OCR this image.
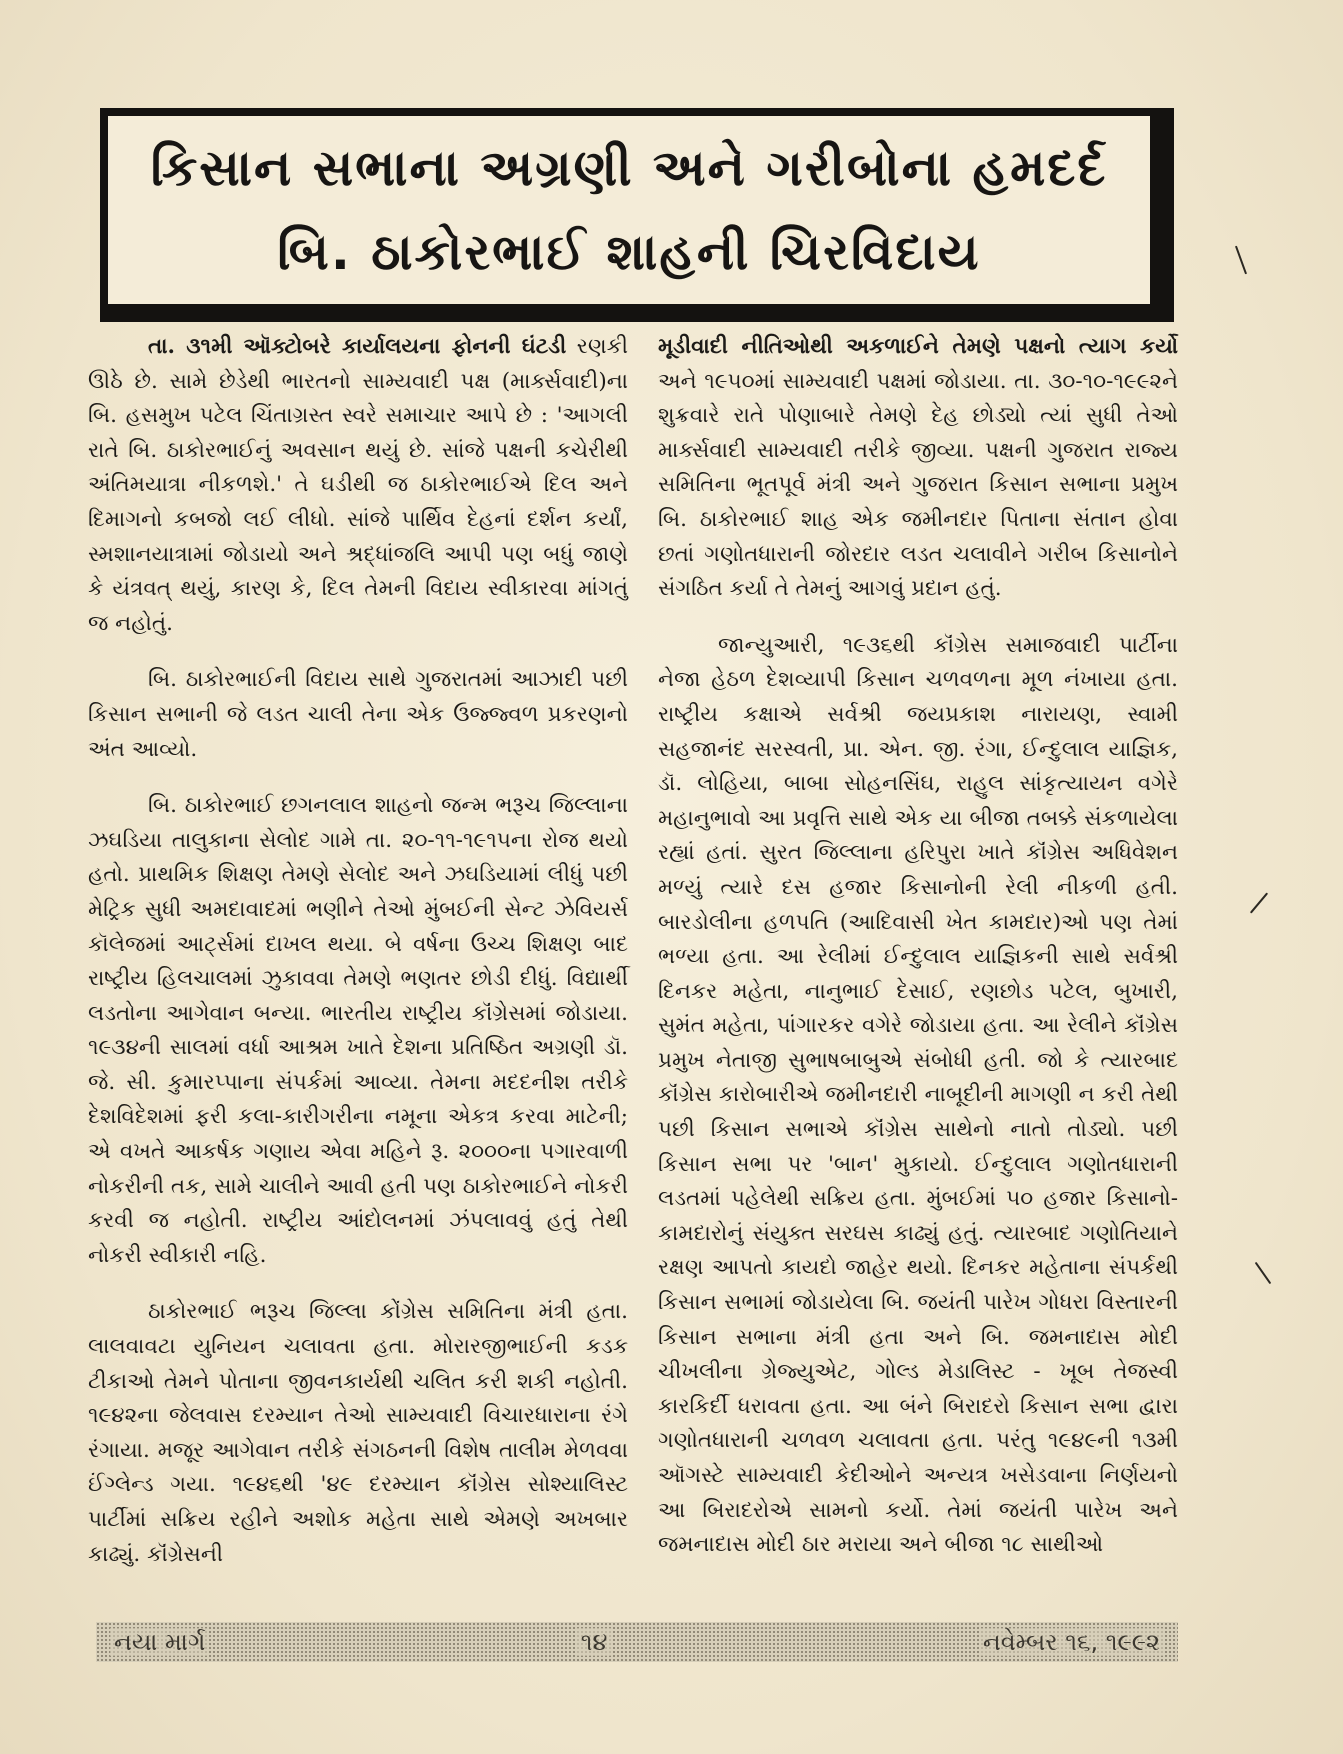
કિસાન સભાના અગ્રણી અને ગરીબોના હમદર્દ
બિ. ઠાકોરભાઈ શાહની ચિરવિદાય

તા. ૩૧મી ઑક્ટોબરે કાર્યાલયના ફોનની ઘંટડી રણકી ઊઠે છે. સામે છેડેથી ભારતનો સામ્યવાદી પક્ષ (માર્ક્સવાદી)ના બિ. હસમુખ પટેલ ચિંતાગ્રસ્ત સ્વરે સમાચાર આપે છે : 'આગલી રાતે બિ. ઠાકોરભાઈનું અવસાન થયું છે. સાંજે પક્ષની કચેરીથી અંતિમયાત્રા નીકળશે.' તે ઘડીથી જ ઠાકોરભાઈએ દિલ અને દિમાગનો કબજો લઈ લીધો. સાંજે પાર્થિવ દેહનાં દર્શન કર્યાં, સ્મશાનયાત્રામાં જોડાયો અને શ્રદ્ધાંજલિ આપી પણ બધું જાણે કે યંત્રવત્ થયું, કારણ કે, દિલ તેમની વિદાય સ્વીકારવા માંગતું જ નહોતું.

બિ. ઠાકોરભાઈની વિદાય સાથે ગુજરાતમાં આઝાદી પછી કિસાન સભાની જે લડત ચાલી તેના એક ઉજ્જ્વળ પ્રકરણનો અંત આવ્યો.

બિ. ઠાકોરભાઈ છગનલાલ શાહનો જન્મ ભરૂચ જિલ્લાના ઝઘડિયા તાલુકાના સેલોદ ગામે તા. ૨૦-૧૧-૧૯૧૫ના રોજ થયો હતો. પ્રાથમિક શિક્ષણ તેમણે સેલોદ અને ઝઘડિયામાં લીધું પછી મેટ્રિક સુધી અમદાવાદમાં ભણીને તેઓ મુંબઈની સેન્ટ ઝેવિયર્સ કૉલેજમાં આર્ટ્સમાં દાખલ થયા. બે વર્ષના ઉચ્ચ શિક્ષણ બાદ રાષ્ટ્રીય હિલચાલમાં ઝુકાવવા તેમણે ભણતર છોડી દીધું. વિદ્યાર્થી લડતોના આગેવાન બન્યા. ભારતીય રાષ્ટ્રીય કૉંગ્રેસમાં જોડાયા. ૧૯૩૪ની સાલમાં વર્ધા આશ્રમ ખાતે દેશના પ્રતિષ્ઠિત અગ્રણી ડૉ. જે. સી. કુમારપ્પાના સંપર્કમાં આવ્યા. તેમના મદદનીશ તરીકે દેશવિદેશમાં ફરી કલા-કારીગરીના નમૂના એકત્ર કરવા માટેની; એ વખતે આકર્ષક ગણાય એવા મહિને રૂ. ૨૦૦૦ના પગારવાળી નોકરીની તક, સામે ચાલીને આવી હતી પણ ઠાકોરભાઈને નોકરી કરવી જ નહોતી. રાષ્ટ્રીય આંદોલનમાં ઝંપલાવવું હતું તેથી નોકરી સ્વીકારી નહિ.

ઠાકોરભાઈ ભરૂચ જિલ્લા કોંગ્રેસ સમિતિના મંત્રી હતા. લાલવાવટા યુનિયન ચલાવતા હતા. મોરારજીભાઈની કડક ટીકાઓ તેમને પોતાના જીવનકાર્યથી ચલિત કરી શકી નહોતી. ૧૯૪૨ના જેલવાસ દરમ્યાન તેઓ સામ્યવાદી વિચારધારાના રંગે રંગાયા. મજૂર આગેવાન તરીકે સંગઠનની વિશેષ તાલીમ મેળવવા ઈંગ્લેન્ડ ગયા. ૧૯૪૬થી '૪૯ દરમ્યાન કૉંગ્રેસ સોશ્યાલિસ્ટ પાર્ટીમાં સક્રિય રહીને અશોક મહેતા સાથે એમણે અખબાર કાઢ્યું. કૉંગ્રેસની

મૂડીવાદી નીતિઓથી અકળાઈને તેમણે પક્ષનો ત્યાગ કર્યો અને ૧૯૫૦માં સામ્યવાદી પક્ષમાં જોડાયા. તા. ૩૦-૧૦-૧૯૯૨ને શુક્રવારે રાતે પોણાબારે તેમણે દેહ છોડ્યો ત્યાં સુધી તેઓ માર્ક્સવાદી સામ્યવાદી તરીકે જીવ્યા. પક્ષની ગુજરાત રાજ્ય સમિતિના ભૂતપૂર્વ મંત્રી અને ગુજરાત કિસાન સભાના પ્રમુખ બિ. ઠાકોરભાઈ શાહ એક જમીનદાર પિતાના સંતાન હોવા છતાં ગણોતધારાની જોરદાર લડત ચલાવીને ગરીબ કિસાનોને સંગઠિત કર્યા તે તેમનું આગવું પ્રદાન હતું.

જાન્યુઆરી, ૧૯૩૬થી કૉંગ્રેસ સમાજવાદી પાર્ટીના નેજા હેઠળ દેશવ્યાપી કિસાન ચળવળના મૂળ નંખાયા હતા. રાષ્ટ્રીય કક્ષાએ સર્વશ્રી જયપ્રકાશ નારાયણ, સ્વામી સહજાનંદ સરસ્વતી, પ્રા. એન. જી. રંગા, ઈન્દુલાલ યાજ્ઞિક, ડૉ. લોહિયા, બાબા સોહનસિંઘ, રાહુલ સાંકૃત્યાયન વગેરે મહાનુભાવો આ પ્રવૃત્તિ સાથે એક યા બીજા તબક્કે સંકળાયેલા રહ્યાં હતાં. સુરત જિલ્લાના હરિપુરા ખાતે કૉંગ્રેસ અધિવેશન મળ્યું ત્યારે દસ હજાર કિસાનોની રેલી નીકળી હતી. બારડોલીના હળપતિ (આદિવાસી ખેત કામદાર)ઓ પણ તેમાં ભળ્યા હતા. આ રેલીમાં ઈન્દુલાલ યાજ્ઞિકની સાથે સર્વશ્રી દિનકર મહેતા, નાનુભાઈ દેસાઈ, રણછોડ પટેલ, બુખારી, સુમંત મહેતા, પાંગારકર વગેરે જોડાયા હતા. આ રેલીને કૉંગ્રેસ પ્રમુખ નેતાજી સુભાષબાબુએ સંબોધી હતી. જો કે ત્યારબાદ કૉંગ્રેસ કારોબારીએ જમીનદારી નાબૂદીની માગણી ન કરી તેથી પછી કિસાન સભાએ કૉંગ્રેસ સાથેનો નાતો તોડ્યો. પછી કિસાન સભા પર 'બાન' મુકાયો. ઈન્દુલાલ ગણોતધારાની લડતમાં પહેલેથી સક્રિય હતા. મુંબઈમાં ૫૦ હજાર કિસાનો-કામદારોનું સંયુક્ત સરઘસ કાઢ્યું હતું. ત્યારબાદ ગણોતિયાને રક્ષણ આપતો કાયદો જાહેર થયો. દિનકર મહેતાના સંપર્કથી કિસાન સભામાં જોડાયેલા બિ. જયંતી પારેખ ગોધરા વિસ્તારની કિસાન સભાના મંત્રી હતા અને બિ. જમનાદાસ મોદી ચીખલીના ગ્રેજ્યુએટ, ગોલ્ડ મેડાલિસ્ટ - ખૂબ તેજસ્વી કારકિર્દી ધરાવતા હતા. આ બંને બિરાદરો કિસાન સભા દ્વારા ગણોતધારાની ચળવળ ચલાવતા હતા. પરંતુ ૧૯૪૯ની ૧૩મી ઑગસ્ટે સામ્યવાદી કેદીઓને અન્યત્ર ખસેડવાના નિર્ણયનો આ બિરાદરોએ સામનો કર્યો. તેમાં જયંતી પારેખ અને જમનાદાસ મોદી ઠાર મરાયા અને બીજા ૧૮ સાથીઓ

નયા માર્ગ	૧૪	નવેમ્બર ૧૬, ૧૯૯૨
